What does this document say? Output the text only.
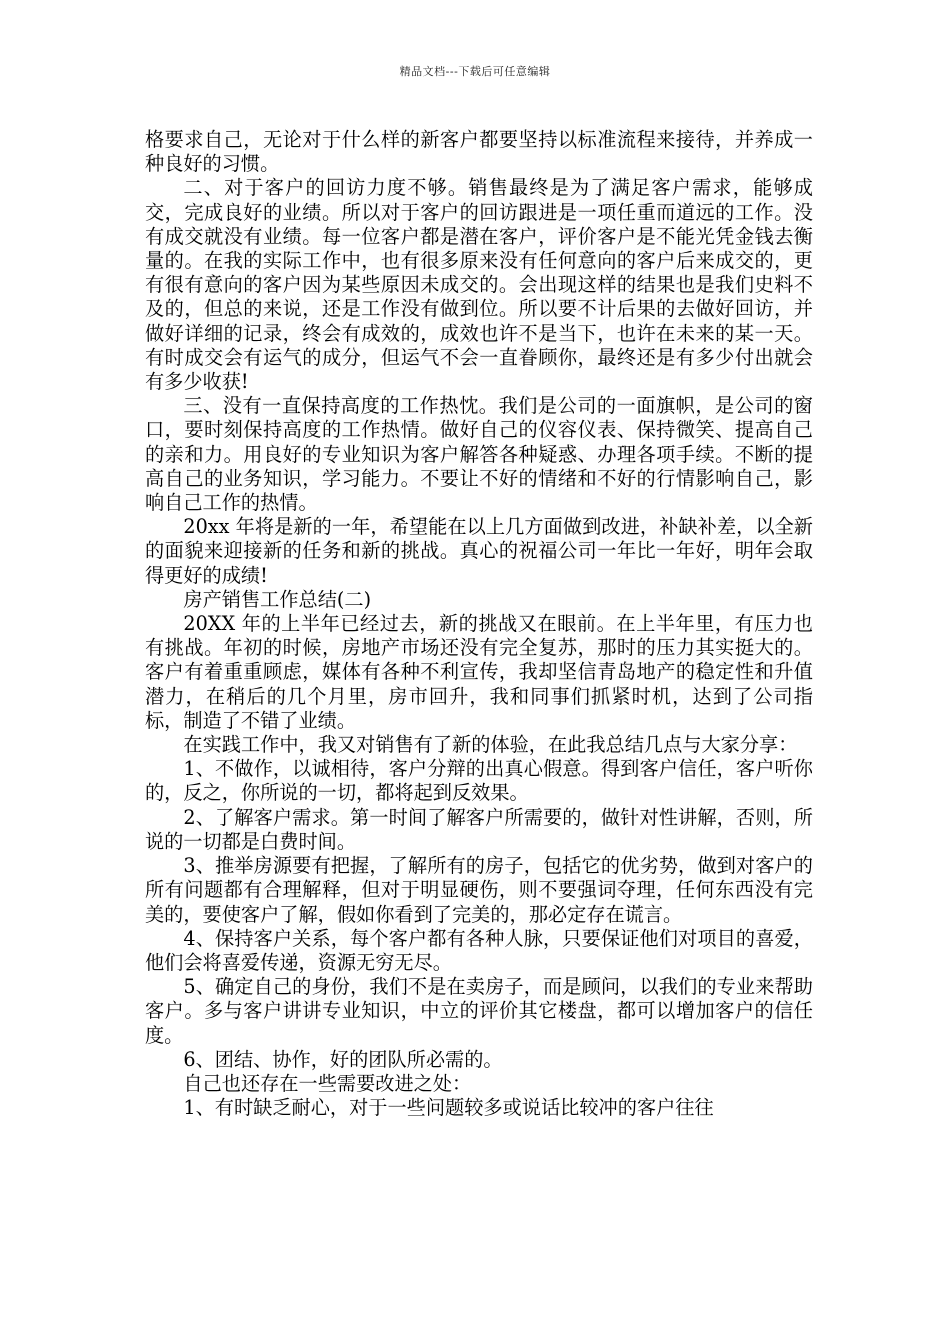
精品文档---下载后可任意编辑

格要求自己，无论对于什么样的新客户都要坚持以标准流程来接待，并养成一种良好的习惯。

二、对于客户的回访力度不够。销售最终是为了满足客户需求，能够成交，完成良好的业绩。所以对于客户的回访跟进是一项任重而道远的工作。没有成交就没有业绩。每一位客户都是潜在客户，评价客户是不能光凭金钱去衡量的。在我的实际工作中，也有很多原来没有任何意向的客户后来成交的，更有很有意向的客户因为某些原因未成交的。会出现这样的结果也是我们史料不及的，但总的来说，还是工作没有做到位。所以要不计后果的去做好回访，并做好详细的记录，终会有成效的，成效也许不是当下，也许在未来的某一天。有时成交会有运气的成分，但运气不会一直眷顾你，最终还是有多少付出就会有多少收获!

三、没有一直保持高度的工作热忱。我们是公司的一面旗帜，是公司的窗口，要时刻保持高度的工作热情。做好自己的仪容仪表、保持微笑、提高自己的亲和力。用良好的专业知识为客户解答各种疑惑、办理各项手续。不断的提高自己的业务知识，学习能力。不要让不好的情绪和不好的行情影响自己，影响自己工作的热情。

20xx 年将是新的一年，希望能在以上几方面做到改进，补缺补差，以全新的面貌来迎接新的任务和新的挑战。真心的祝福公司一年比一年好，明年会取得更好的成绩!

房产销售工作总结(二)

20XX 年的上半年已经过去，新的挑战又在眼前。在上半年里，有压力也有挑战。年初的时候，房地产市场还没有完全复苏，那时的压力其实挺大的。客户有着重重顾虑，媒体有各种不利宣传，我却坚信青岛地产的稳定性和升值潜力，在稍后的几个月里，房市回升，我和同事们抓紧时机，达到了公司指标，制造了不错了业绩。

在实践工作中，我又对销售有了新的体验，在此我总结几点与大家分享：

1、不做作，以诚相待，客户分辩的出真心假意。得到客户信任，客户听你的，反之，你所说的一切，都将起到反效果。

2、了解客户需求。第一时间了解客户所需要的，做针对性讲解，否则，所说的一切都是白费时间。

3、推举房源要有把握，了解所有的房子，包括它的优劣势，做到对客户的所有问题都有合理解释，但对于明显硬伤，则不要强词夺理，任何东西没有完美的，要使客户了解，假如你看到了完美的，那必定存在谎言。

4、保持客户关系，每个客户都有各种人脉，只要保证他们对项目的喜爱，他们会将喜爱传递，资源无穷无尽。

5、确定自己的身份，我们不是在卖房子，而是顾问，以我们的专业来帮助客户。多与客户讲讲专业知识，中立的评价其它楼盘，都可以增加客户的信任度。

6、团结、协作，好的团队所必需的。

自己也还存在一些需要改进之处：

1、有时缺乏耐心，对于一些问题较多或说话比较冲的客户往往
